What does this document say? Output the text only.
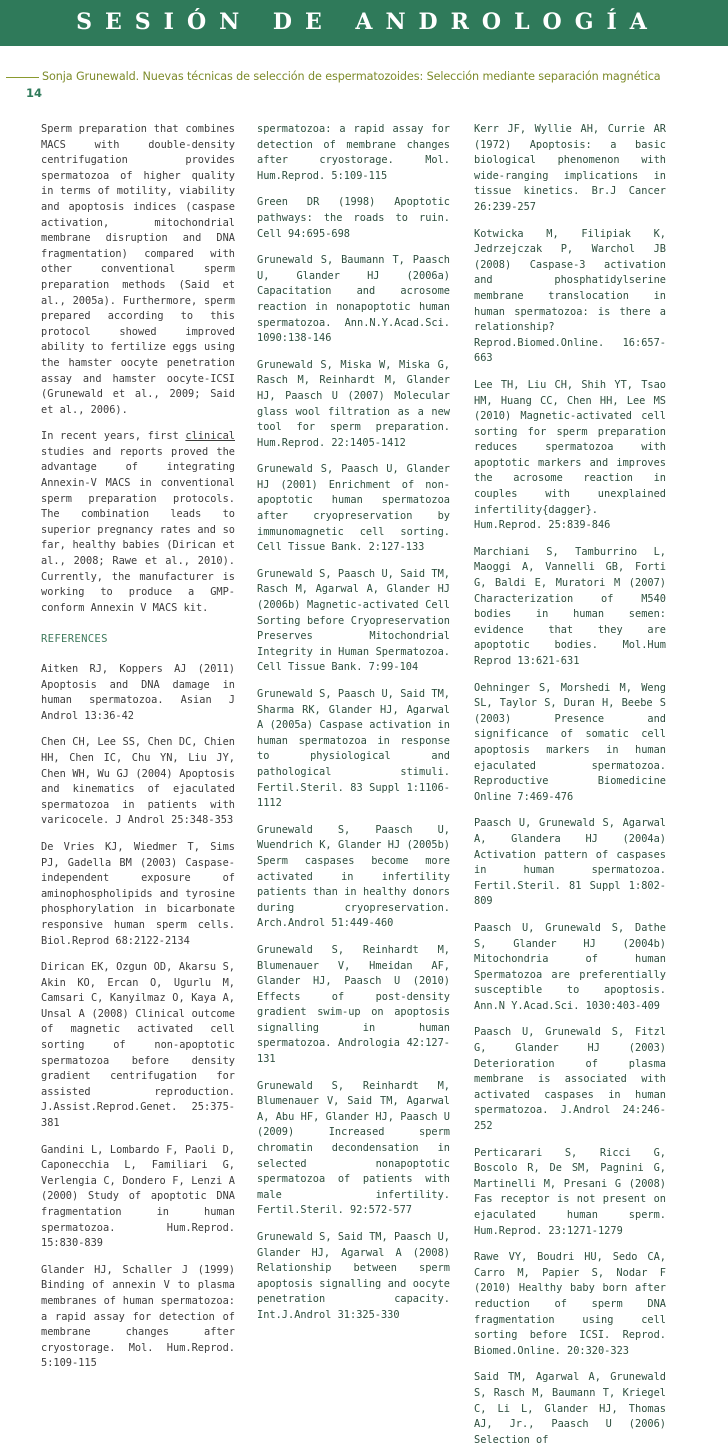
SESIÓN DE ANDROLOGÍA
Sonja Grunewald. Nuevas técnicas de selección de espermatozoides: Selección mediante separación magnética
14

Sperm preparation that combines MACS with double-density centrifugation provides spermatozoa of higher quality in terms of motility, viability and apoptosis indices (caspase activation, mitochondrial membrane disruption and DNA fragmentation) compared with other conventional sperm preparation methods (Said et al., 2005a). Furthermore, sperm prepared according to this protocol showed improved ability to fertilize eggs using the hamster oocyte penetration assay and hamster oocyte-ICSI (Grunewald et al., 2009; Said et al., 2006).

In recent years, first clinical studies and reports proved the advantage of integrating Annexin-V MACS in conventional sperm preparation protocols. The combination leads to superior pregnancy rates and so far, healthy babies (Dirican et al., 2008; Rawe et al., 2010). Currently, the manufacturer is working to produce a GMP-conform Annexin V MACS kit.

REFERENCES

Aitken RJ, Koppers AJ (2011) Apoptosis and DNA damage in human spermatozoa. Asian J Androl 13:36-42

Chen CH, Lee SS, Chen DC, Chien HH, Chen IC, Chu YN, Liu JY, Chen WH, Wu GJ (2004) Apoptosis and kinematics of ejaculated spermatozoa in patients with varicocele. J Androl 25:348-353

De Vries KJ, Wiedmer T, Sims PJ, Gadella BM (2003) Caspase-independent exposure of aminophospholipids and tyrosine phosphorylation in bicarbonate responsive human sperm cells. Biol.Reprod 68:2122-2134

Dirican EK, Ozgun OD, Akarsu S, Akin KO, Ercan O, Ugurlu M, Camsari C, Kanyilmaz O, Kaya A, Unsal A (2008) Clinical outcome of magnetic activated cell sorting of non-apoptotic spermatozoa before density gradient centrifugation for assisted reproduction. J.Assist.Reprod.Genet. 25:375-381

Gandini L, Lombardo F, Paoli D, Caponecchia L, Familiari G, Verlengia C, Dondero F, Lenzi A (2000) Study of apoptotic DNA fragmentation in human spermatozoa. Hum.Reprod. 15:830-839

Glander HJ, Schaller J (1999) Binding of annexin V to plasma membranes of human spermatozoa: a rapid assay for detection of membrane changes after cryostorage. Mol. Hum.Reprod. 5:109-115

spermatozoa: a rapid assay for detection of membrane changes after cryostorage. Mol. Hum.Reprod. 5:109-115

Green DR (1998) Apoptotic pathways: the roads to ruin. Cell 94:695-698

Grunewald S, Baumann T, Paasch U, Glander HJ (2006a) Capacitation and acrosome reaction in nonapoptotic human spermatozoa. Ann.N.Y.Acad.Sci. 1090:138-146

Grunewald S, Miska W, Miska G, Rasch M, Reinhardt M, Glander HJ, Paasch U (2007) Molecular glass wool filtration as a new tool for sperm preparation. Hum.Reprod. 22:1405-1412

Grunewald S, Paasch U, Glander HJ (2001) Enrichment of non-apoptotic human spermatozoa after cryopreservation by immunomagnetic cell sorting. Cell Tissue Bank. 2:127-133

Grunewald S, Paasch U, Said TM, Rasch M, Agarwal A, Glander HJ (2006b) Magnetic-activated Cell Sorting before Cryopreservation Preserves Mitochondrial Integrity in Human Spermatozoa. Cell Tissue Bank. 7:99-104

Grunewald S, Paasch U, Said TM, Sharma RK, Glander HJ, Agarwal A (2005a) Caspase activation in human spermatozoa in response to physiological and pathological stimuli. Fertil.Steril. 83 Suppl 1:1106-1112

Grunewald S, Paasch U, Wuendrich K, Glander HJ (2005b) Sperm caspases become more activated in infertility patients than in healthy donors during cryopreservation. Arch.Androl 51:449-460

Grunewald S, Reinhardt M, Blumenauer V, Hmeidan AF, Glander HJ, Paasch U (2010) Effects of post-density gradient swim-up on apoptosis signalling in human spermatozoa. Andrologia 42:127-131

Grunewald S, Reinhardt M, Blumenauer V, Said TM, Agarwal A, Abu HF, Glander HJ, Paasch U (2009) Increased sperm chromatin decondensation in selected nonapoptotic spermatozoa of patients with male infertility. Fertil.Steril. 92:572-577

Grunewald S, Said TM, Paasch U, Glander HJ, Agarwal A (2008) Relationship between sperm apoptosis signalling and oocyte penetration capacity. Int.J.Androl 31:325-330

Kerr JF, Wyllie AH, Currie AR (1972) Apoptosis: a basic biological phenomenon with wide-ranging implications in tissue kinetics. Br.J Cancer 26:239-257

Kotwicka M, Filipiak K, Jedrzejczak P, Warchol JB (2008) Caspase-3 activation and phosphatidylserine membrane translocation in human spermatozoa: is there a relationship? Reprod.Biomed.Online. 16:657-663

Lee TH, Liu CH, Shih YT, Tsao HM, Huang CC, Chen HH, Lee MS (2010) Magnetic-activated cell sorting for sperm preparation reduces spermatozoa with apoptotic markers and improves the acrosome reaction in couples with unexplained infertility{dagger}. Hum.Reprod. 25:839-846

Marchiani S, Tamburrino L, Maoggi A, Vannelli GB, Forti G, Baldi E, Muratori M (2007) Characterization of M540 bodies in human semen: evidence that they are apoptotic bodies. Mol.Hum Reprod 13:621-631

Oehninger S, Morshedi M, Weng SL, Taylor S, Duran H, Beebe S (2003) Presence and significance of somatic cell apoptosis markers in human ejaculated spermatozoa. Reproductive Biomedicine Online 7:469-476

Paasch U, Grunewald S, Agarwal A, Glandera HJ (2004a) Activation pattern of caspases in human spermatozoa. Fertil.Steril. 81 Suppl 1:802-809

Paasch U, Grunewald S, Dathe S, Glander HJ (2004b) Mitochondria of human Spermatozoa are preferentially susceptible to apoptosis. Ann.N Y.Acad.Sci. 1030:403-409

Paasch U, Grunewald S, Fitzl G, Glander HJ (2003) Deterioration of plasma membrane is associated with activated caspases in human spermatozoa. J.Androl 24:246-252

Perticarari S, Ricci G, Boscolo R, De SM, Pagnini G, Martinelli M, Presani G (2008) Fas receptor is not present on ejaculated human sperm. Hum.Reprod. 23:1271-1279

Rawe VY, Boudri HU, Sedo CA, Carro M, Papier S, Nodar F (2010) Healthy baby born after reduction of sperm DNA fragmentation using cell sorting before ICSI. Reprod. Biomed.Online. 20:320-323

Said TM, Agarwal A, Grunewald S, Rasch M, Baumann T, Kriegel C, Li L, Glander HJ, Thomas AJ, Jr., Paasch U (2006) Selection of
